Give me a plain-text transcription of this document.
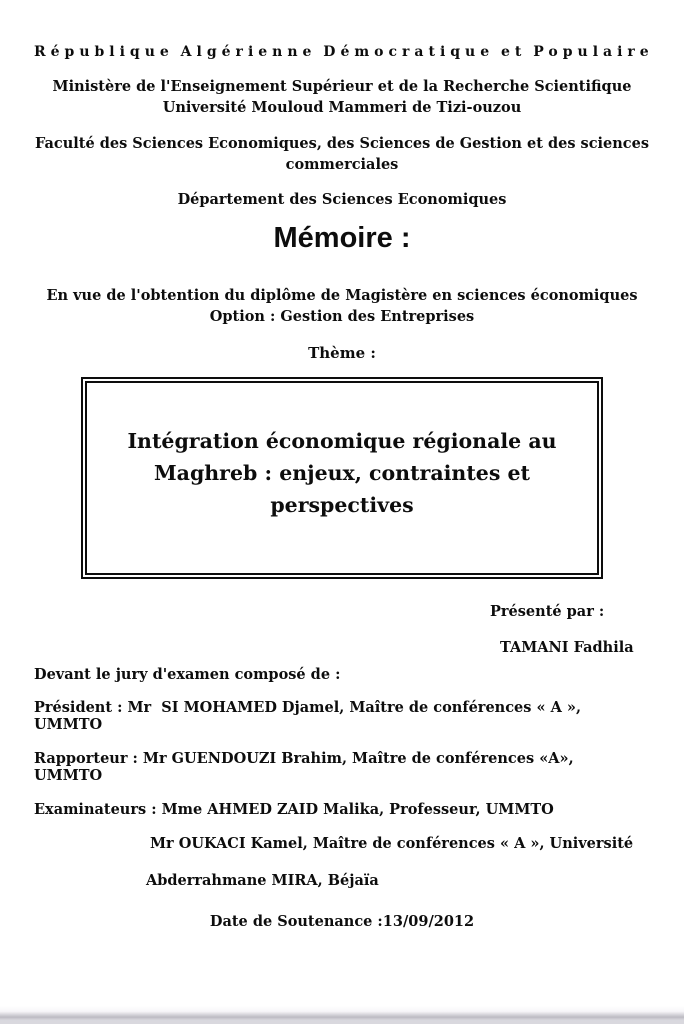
République Algérienne Démocratique et Populaire
Ministère de l'Enseignement Supérieur et de la Recherche Scientifique
Université Mouloud Mammeri de Tizi-ouzou
Faculté des Sciences Economiques, des Sciences de Gestion et des sciences commerciales
Département des Sciences Economiques
Mémoire :
En vue de l'obtention du diplôme de Magistère en sciences économiques
Option : Gestion des Entreprises
Thème :
Intégration économique régionale au Maghreb : enjeux, contraintes et perspectives
Présenté par :
TAMANI Fadhila
Devant le jury d'examen composé de :
Président : Mr  SI MOHAMED Djamel, Maître de conférences « A », UMMTO
Rapporteur : Mr GUENDOUZI Brahim, Maître de conférences «A»,  UMMTO
Examinateurs : Mme AHMED ZAID Malika, Professeur, UMMTO
Mr OUKACI Kamel, Maître de conférences « A », Université
Abderrahmane MIRA, Béjaïa
Date de Soutenance :13/09/2012
